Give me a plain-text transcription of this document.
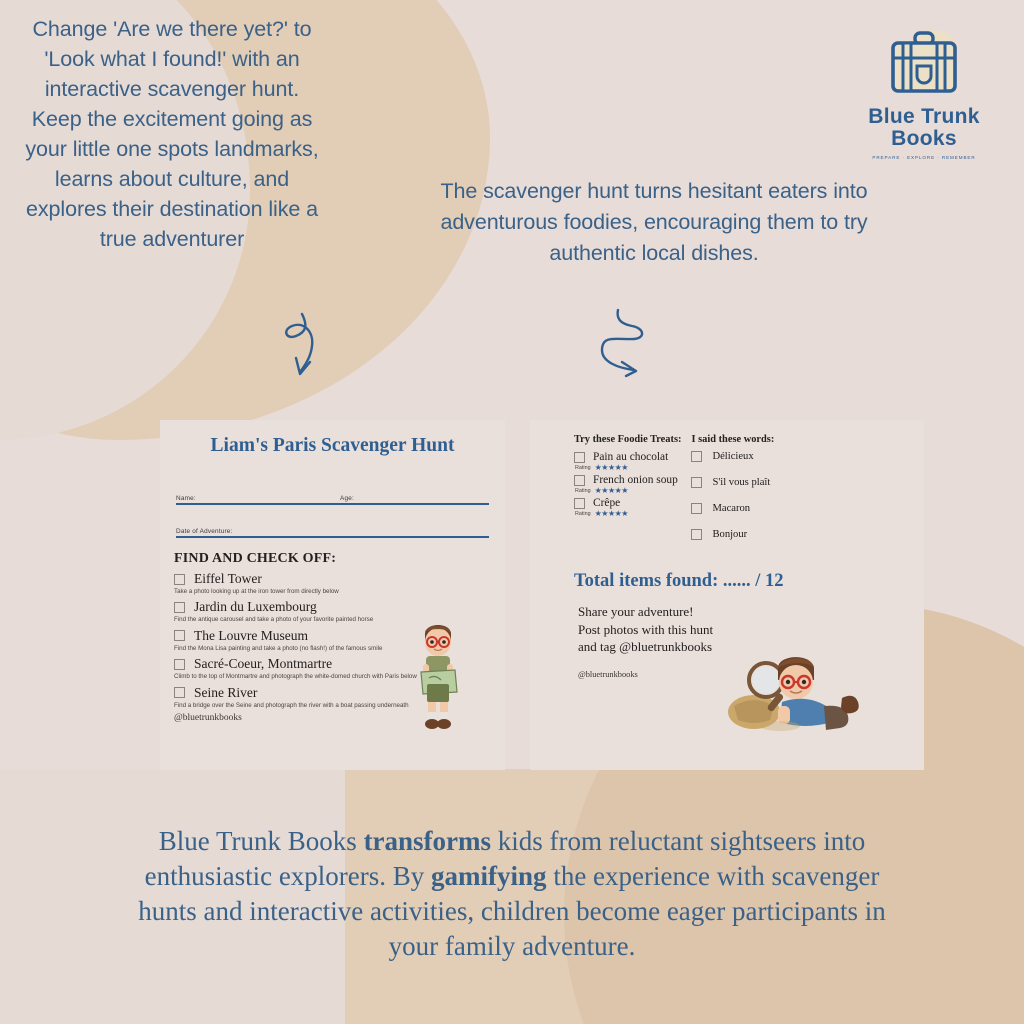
Change 'Are we there yet?' to 'Look what I found!' with an interactive scavenger hunt. Keep the excitement going as your little one spots landmarks, learns about culture, and explores their destination like a true adventurer
The scavenger hunt turns hesitant eaters into adventurous foodies, encouraging them to try authentic local dishes.
Blue Trunk
Books
PREPARE · EXPLORE · REMEMBER
Liam's Paris Scavenger Hunt
Name:	Age:
Date of Adventure:
FIND AND CHECK OFF:
Eiffel Tower
Take a photo looking up at the iron tower from directly below
Jardin du Luxembourg
Find the antique carousel and take a photo of your favorite painted horse
The Louvre Museum
Find the Mona Lisa painting and take a photo (no flash!) of the famous smile
Sacré-Coeur, Montmartre
Climb to the top of Montmartre and photograph the white-domed church with Paris below
Seine River
Find a bridge over the Seine and photograph the river with a boat passing underneath
@bluetrunkbooks
Try these Foodie Treats:
Pain au chocolat
Rating ★★★★★
French onion soup
Rating ★★★★★
Crêpe
Rating ★★★★★
I said these words:
Délicieux
S'il vous plaît
Macaron
Bonjour
Total items found: ...... / 12
Share your adventure! Post photos with this hunt and tag @bluetrunkbooks
@bluetrunkbooks
Blue Trunk Books transforms kids from reluctant sightseers into enthusiastic explorers. By gamifying the experience with scavenger hunts and interactive activities, children become eager participants in your family adventure.
